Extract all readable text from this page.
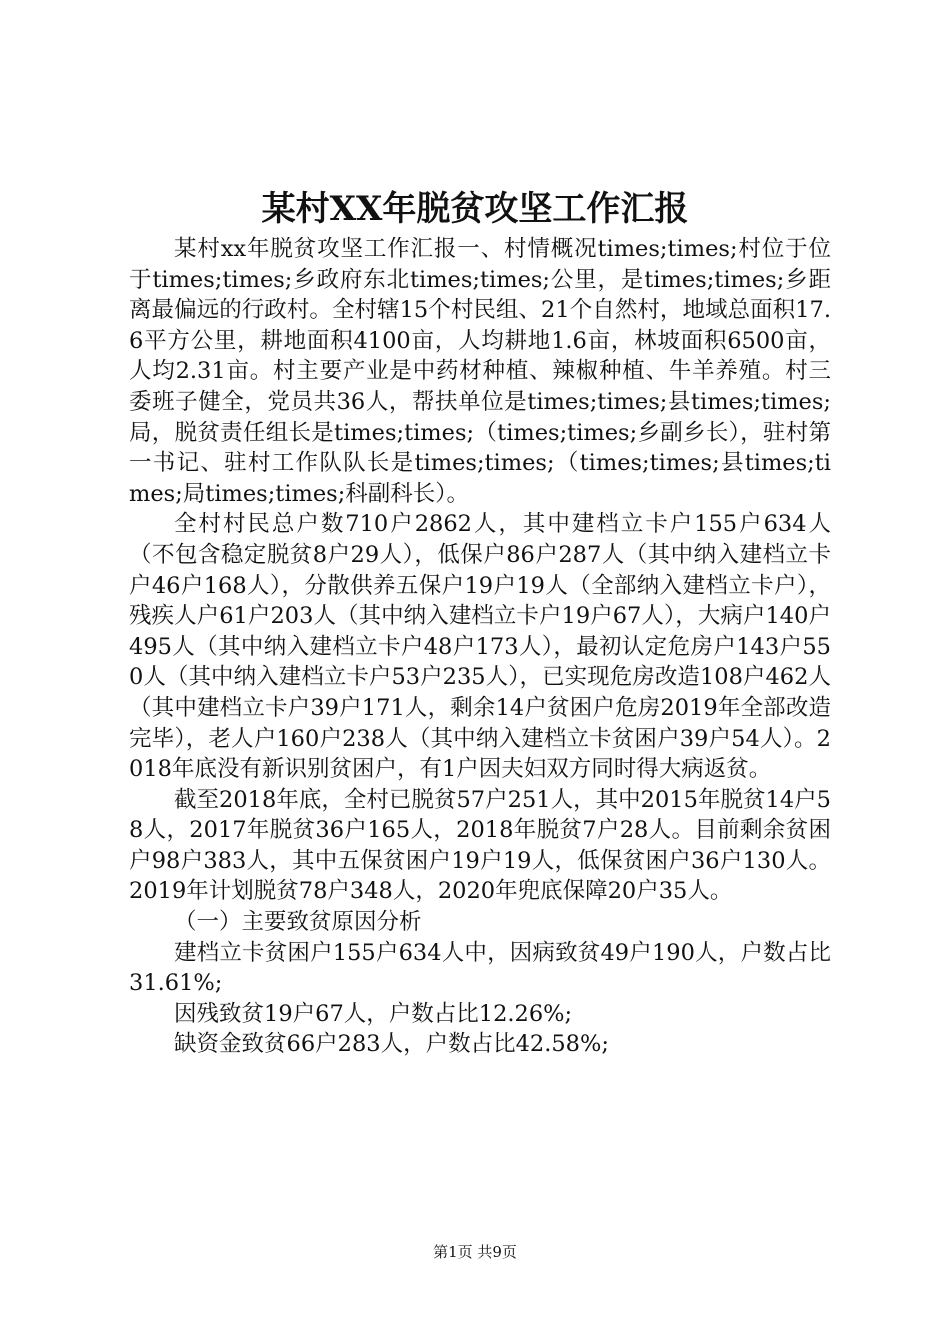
某村XX年脱贫攻坚工作汇报

某村xx年脱贫攻坚工作汇报一、村情概况times;times;村位于位于times;times;乡政府东北times;times;公里，是times;times;乡距离最偏远的行政村。全村辖15个村民组、21个自然村，地域总面积17.6平方公里，耕地面积4100亩，人均耕地1.6亩，林坡面积6500亩，人均2.31亩。村主要产业是中药材种植、辣椒种植、牛羊养殖。村三委班子健全，党员共36人，帮扶单位是times;times;县times;times;局，脱贫责任组长是times;times;（times;times;乡副乡长），驻村第一书记、驻村工作队队长是times;times;（times;times;县times;times;局times;times;科副科长）。

全村村民总户数710户2862人，其中建档立卡户155户634人（不包含稳定脱贫8户29人），低保户86户287人（其中纳入建档立卡户46户168人），分散供养五保户19户19人（全部纳入建档立卡户），残疾人户61户203人（其中纳入建档立卡户19户67人），大病户140户495人（其中纳入建档立卡户48户173人），最初认定危房户143户550人（其中纳入建档立卡户53户235人），已实现危房改造108户462人（其中建档立卡户39户171人，剩余14户贫困户危房2019年全部改造完毕），老人户160户238人（其中纳入建档立卡贫困户39户54人）。2018年底没有新识别贫困户，有1户因夫妇双方同时得大病返贫。

截至2018年底，全村已脱贫57户251人，其中2015年脱贫14户58人，2017年脱贫36户165人，2018年脱贫7户28人。目前剩余贫困户98户383人，其中五保贫困户19户19人，低保贫困户36户130人。2019年计划脱贫78户348人，2020年兜底保障20户35人。

（一）主要致贫原因分析

建档立卡贫困户155户634人中，因病致贫49户190人，户数占比31.61%;

因残致贫19户67人，户数占比12.26%;

缺资金致贫66户283人，户数占比42.58%;

第1页 共9页
